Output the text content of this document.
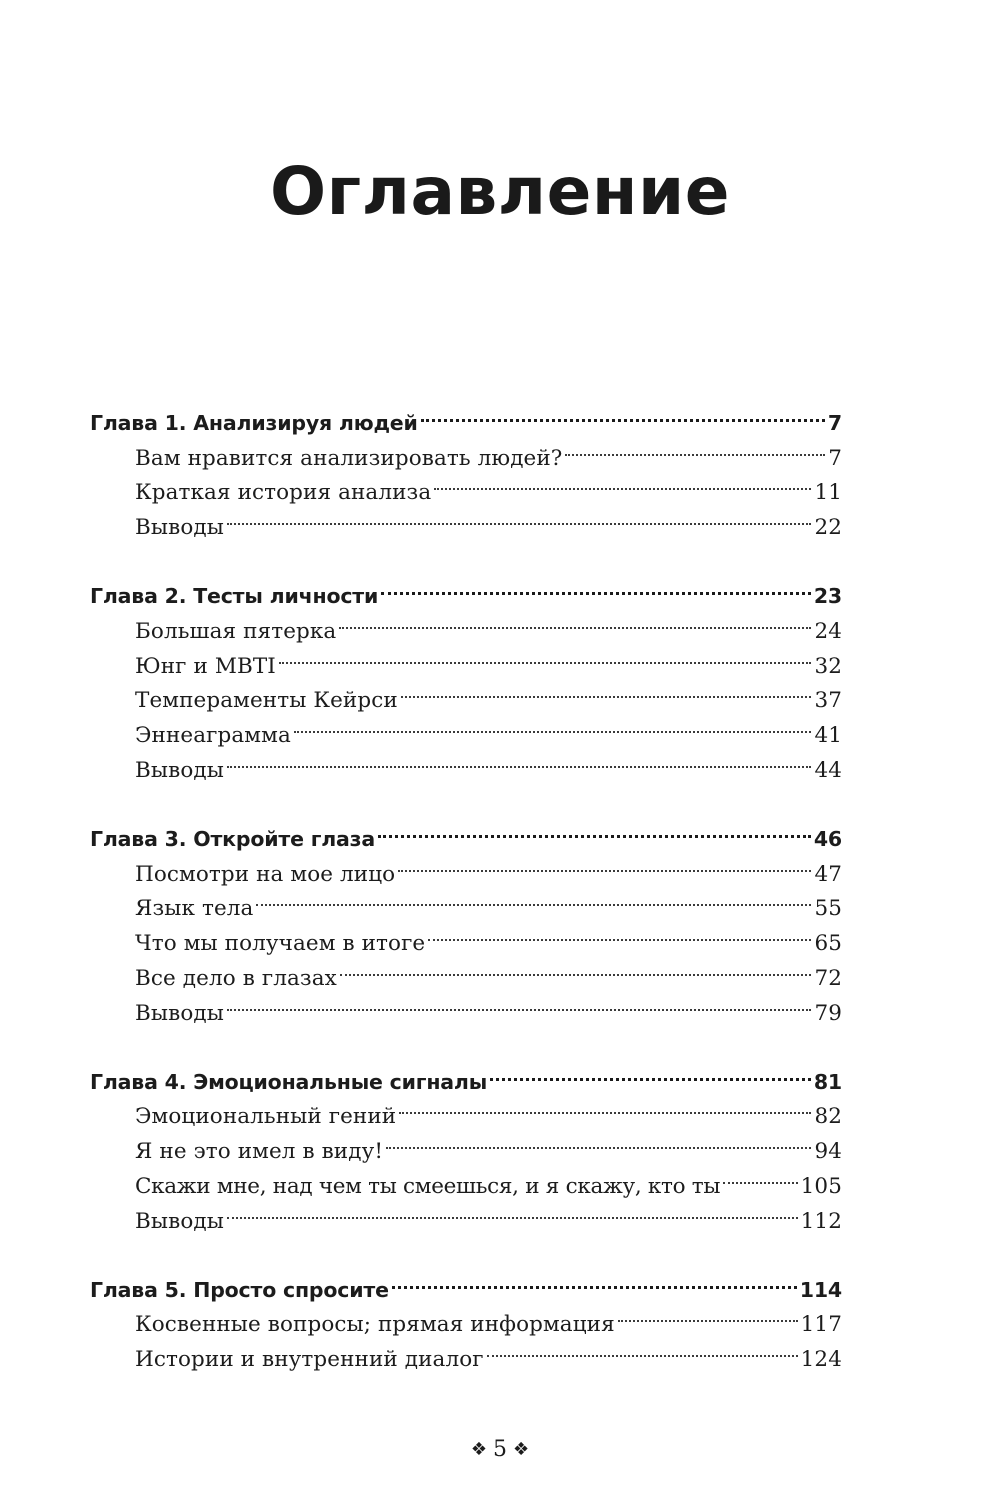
Оглавление
Глава 1. Анализируя людей	7
Вам нравится анализировать людей?	7
Краткая история анализа	11
Выводы	22
Глава 2. Тесты личности	23
Большая пятерка	24
Юнг и MBTI	32
Темпераменты Кейрси	37
Эннеаграмма	41
Выводы	44
Глава 3. Откройте глаза	46
Посмотри на мое лицо	47
Язык тела	55
Что мы получаем в итоге	65
Все дело в глазах	72
Выводы	79
Глава 4. Эмоциональные сигналы	81
Эмоциональный гений	82
Я не это имел в виду!	94
Скажи мне, над чем ты смеешься, и я скажу, кто ты	105
Выводы	112
Глава 5. Просто спросите	114
Косвенные вопросы; прямая информация	117
Истории и внутренний диалог	124
❖ 5 ❖
